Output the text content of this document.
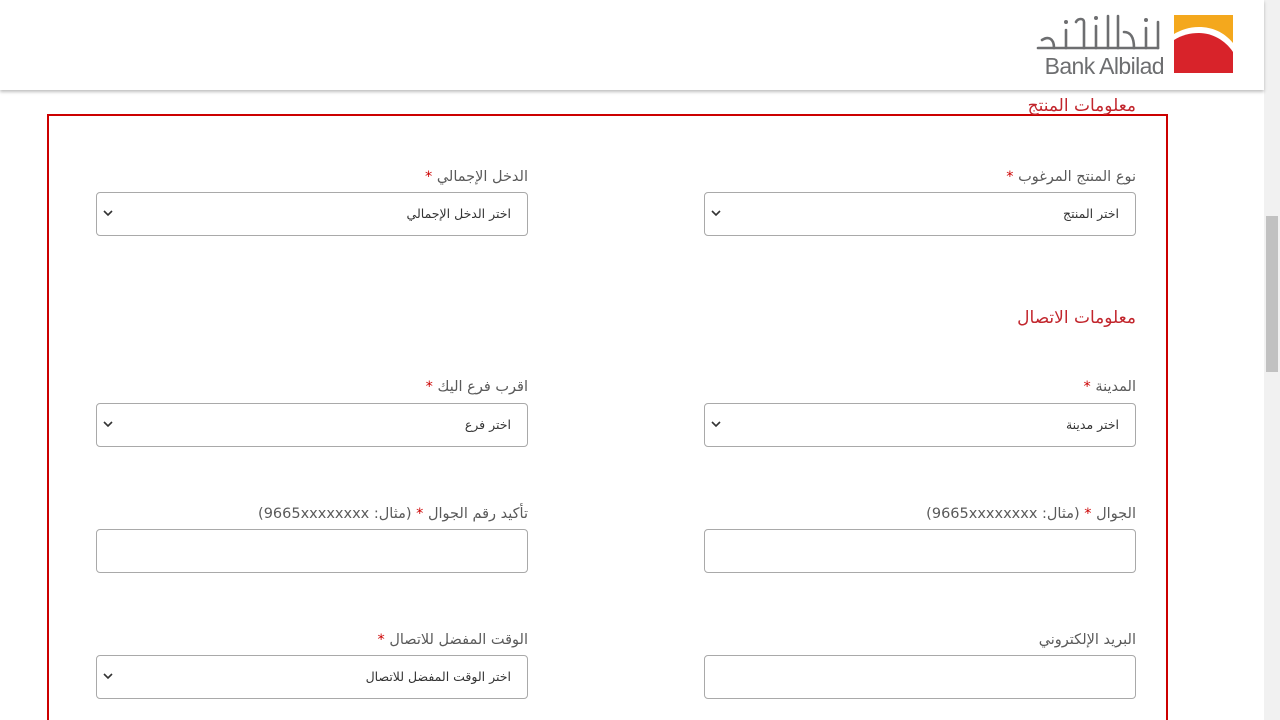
Bank Albilad
معلومات المنتج
نوع المنتج المرغوب *
اختر المنتج
الدخل الإجمالي *
اختر الدخل الإجمالي
معلومات الاتصال
المدينة *
اختر مدينة
اقرب فرع اليك *
اختر فرع
الجوال * (مثال: 9665xxxxxxxx)
تأكيد رقم الجوال * (مثال: 9665xxxxxxxx)
البريد الإلكتروني
الوقت المفضل للاتصال *
اختر الوقت المفضل للاتصال
